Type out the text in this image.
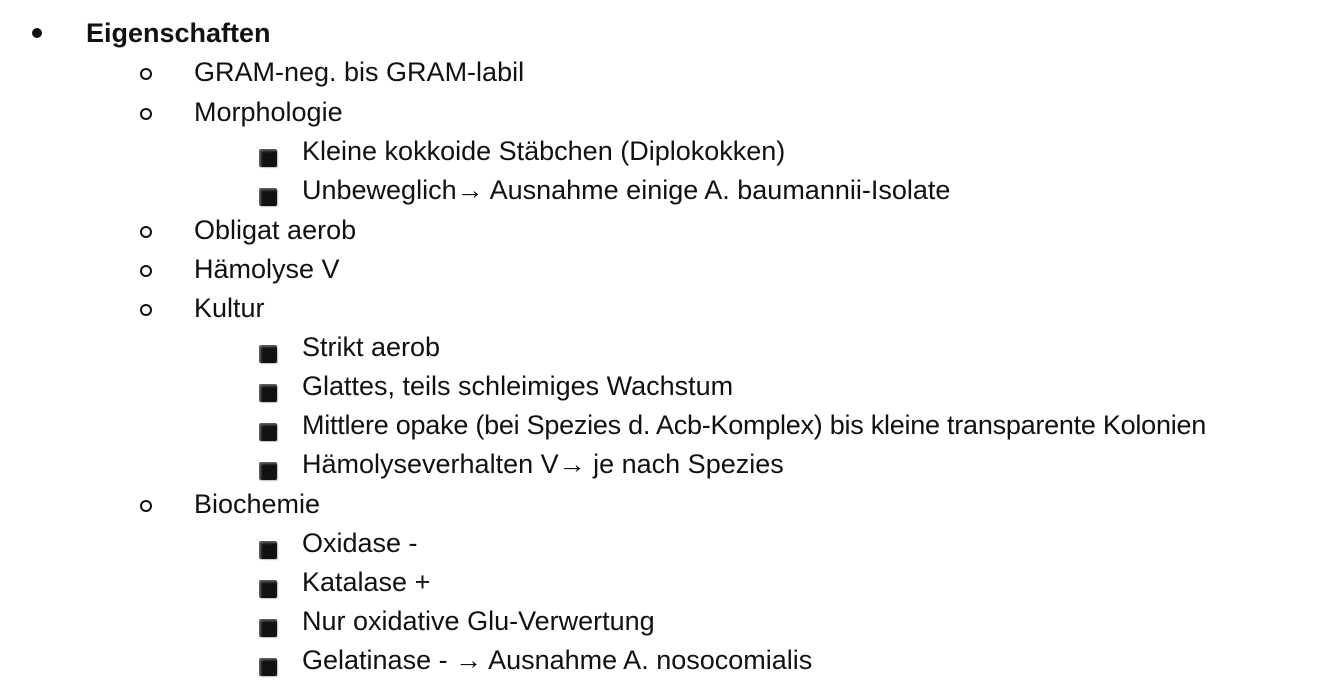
Eigenschaften
GRAM-neg. bis GRAM-labil
Morphologie
Kleine kokkoide Stäbchen (Diplokokken)
Unbeweglich→ Ausnahme einige A. baumannii-Isolate
Obligat aerob
Hämolyse V
Kultur
Strikt aerob
Glattes, teils schleimiges Wachstum
Mittlere opake (bei Spezies d. Acb-Komplex) bis kleine transparente Kolonien
Hämolyseverhalten V→ je nach Spezies
Biochemie
Oxidase -
Katalase +
Nur oxidative Glu-Verwertung
Gelatinase - → Ausnahme A. nosocomialis
